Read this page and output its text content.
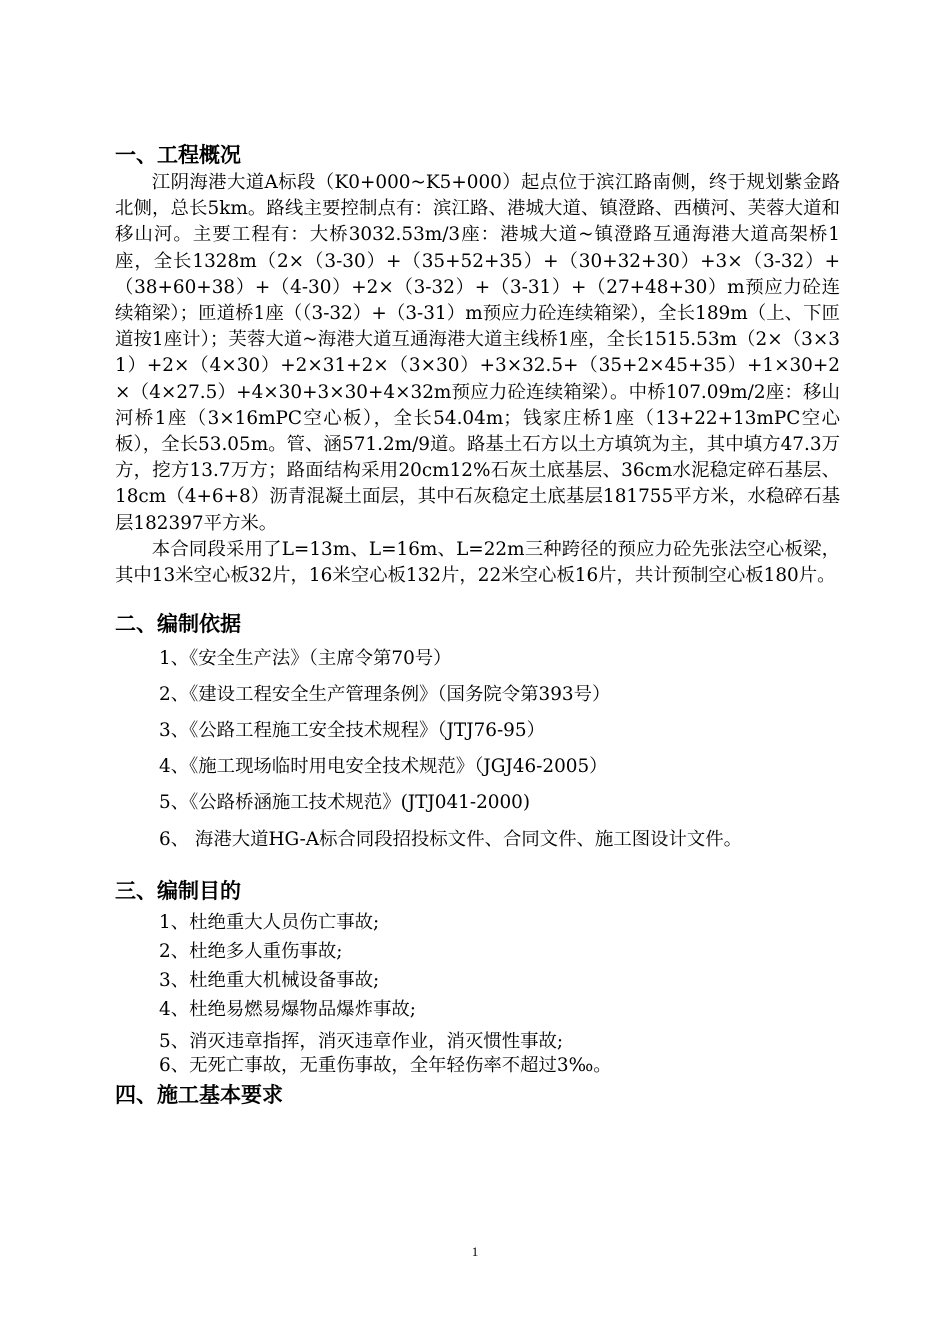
一、工程概况

江阴海港大道A标段（K0+000~K5+000）起点位于滨江路南侧，终于规划紫金路北侧，总长5km。路线主要控制点有：滨江路、港城大道、镇澄路、西横河、芙蓉大道和移山河。主要工程有：大桥3032.53m/3座：港城大道~镇澄路互通海港大道高架桥1座，全长1328m（2×（3-30）+（35+52+35）+（30+32+30）+3×（3-32）+（38+60+38）+（4-30）+2×（3-32）+（3-31）+（27+48+30）m预应力砼连续箱梁）；匝道桥1座（（3-32）+（3-31）m预应力砼连续箱梁），全长189m（上、下匝道按1座计）；芙蓉大道~海港大道互通海港大道主线桥1座，全长1515.53m（2×（3×31）+2×（4×30）+2×31+2×（3×30）+3×32.5+（35+2×45+35）+1×30+2×（4×27.5）+4×30+3×30+4×32m预应力砼连续箱梁）。中桥107.09m/2座：移山河桥1座（3×16mPC空心板），全长54.04m；钱家庄桥1座（13+22+13mPC空心板），全长53.05m。管、涵571.2m/9道。路基土石方以土方填筑为主，其中填方47.3万方，挖方13.7万方；路面结构采用20cm12%石灰土底基层、36cm水泥稳定碎石基层、18cm（4+6+8）沥青混凝土面层，其中石灰稳定土底基层181755平方米，水稳碎石基层182397平方米。

本合同段采用了L=13m、L=16m、L=22m三种跨径的预应力砼先张法空心板梁，其中13米空心板32片，16米空心板132片，22米空心板16片，共计预制空心板180片。

二、编制依据
1、《安全生产法》（主席令第70号）
2、《建设工程安全生产管理条例》（国务院令第393号）
3、《公路工程施工安全技术规程》（JTJ76-95）
4、《施工现场临时用电安全技术规范》（JGJ46-2005）
5、《公路桥涵施工技术规范》(JTJ041-2000)
6、 海港大道HG-A标合同段招投标文件、合同文件、施工图设计文件。
三、编制目的
1、杜绝重大人员伤亡事故;
2、杜绝多人重伤事故;
3、杜绝重大机械设备事故;
4、杜绝易燃易爆物品爆炸事故;
5、消灭违章指挥，消灭违章作业，消灭惯性事故;
6、无死亡事故，无重伤事故，全年轻伤率不超过3‰。
四、施工基本要求
1
